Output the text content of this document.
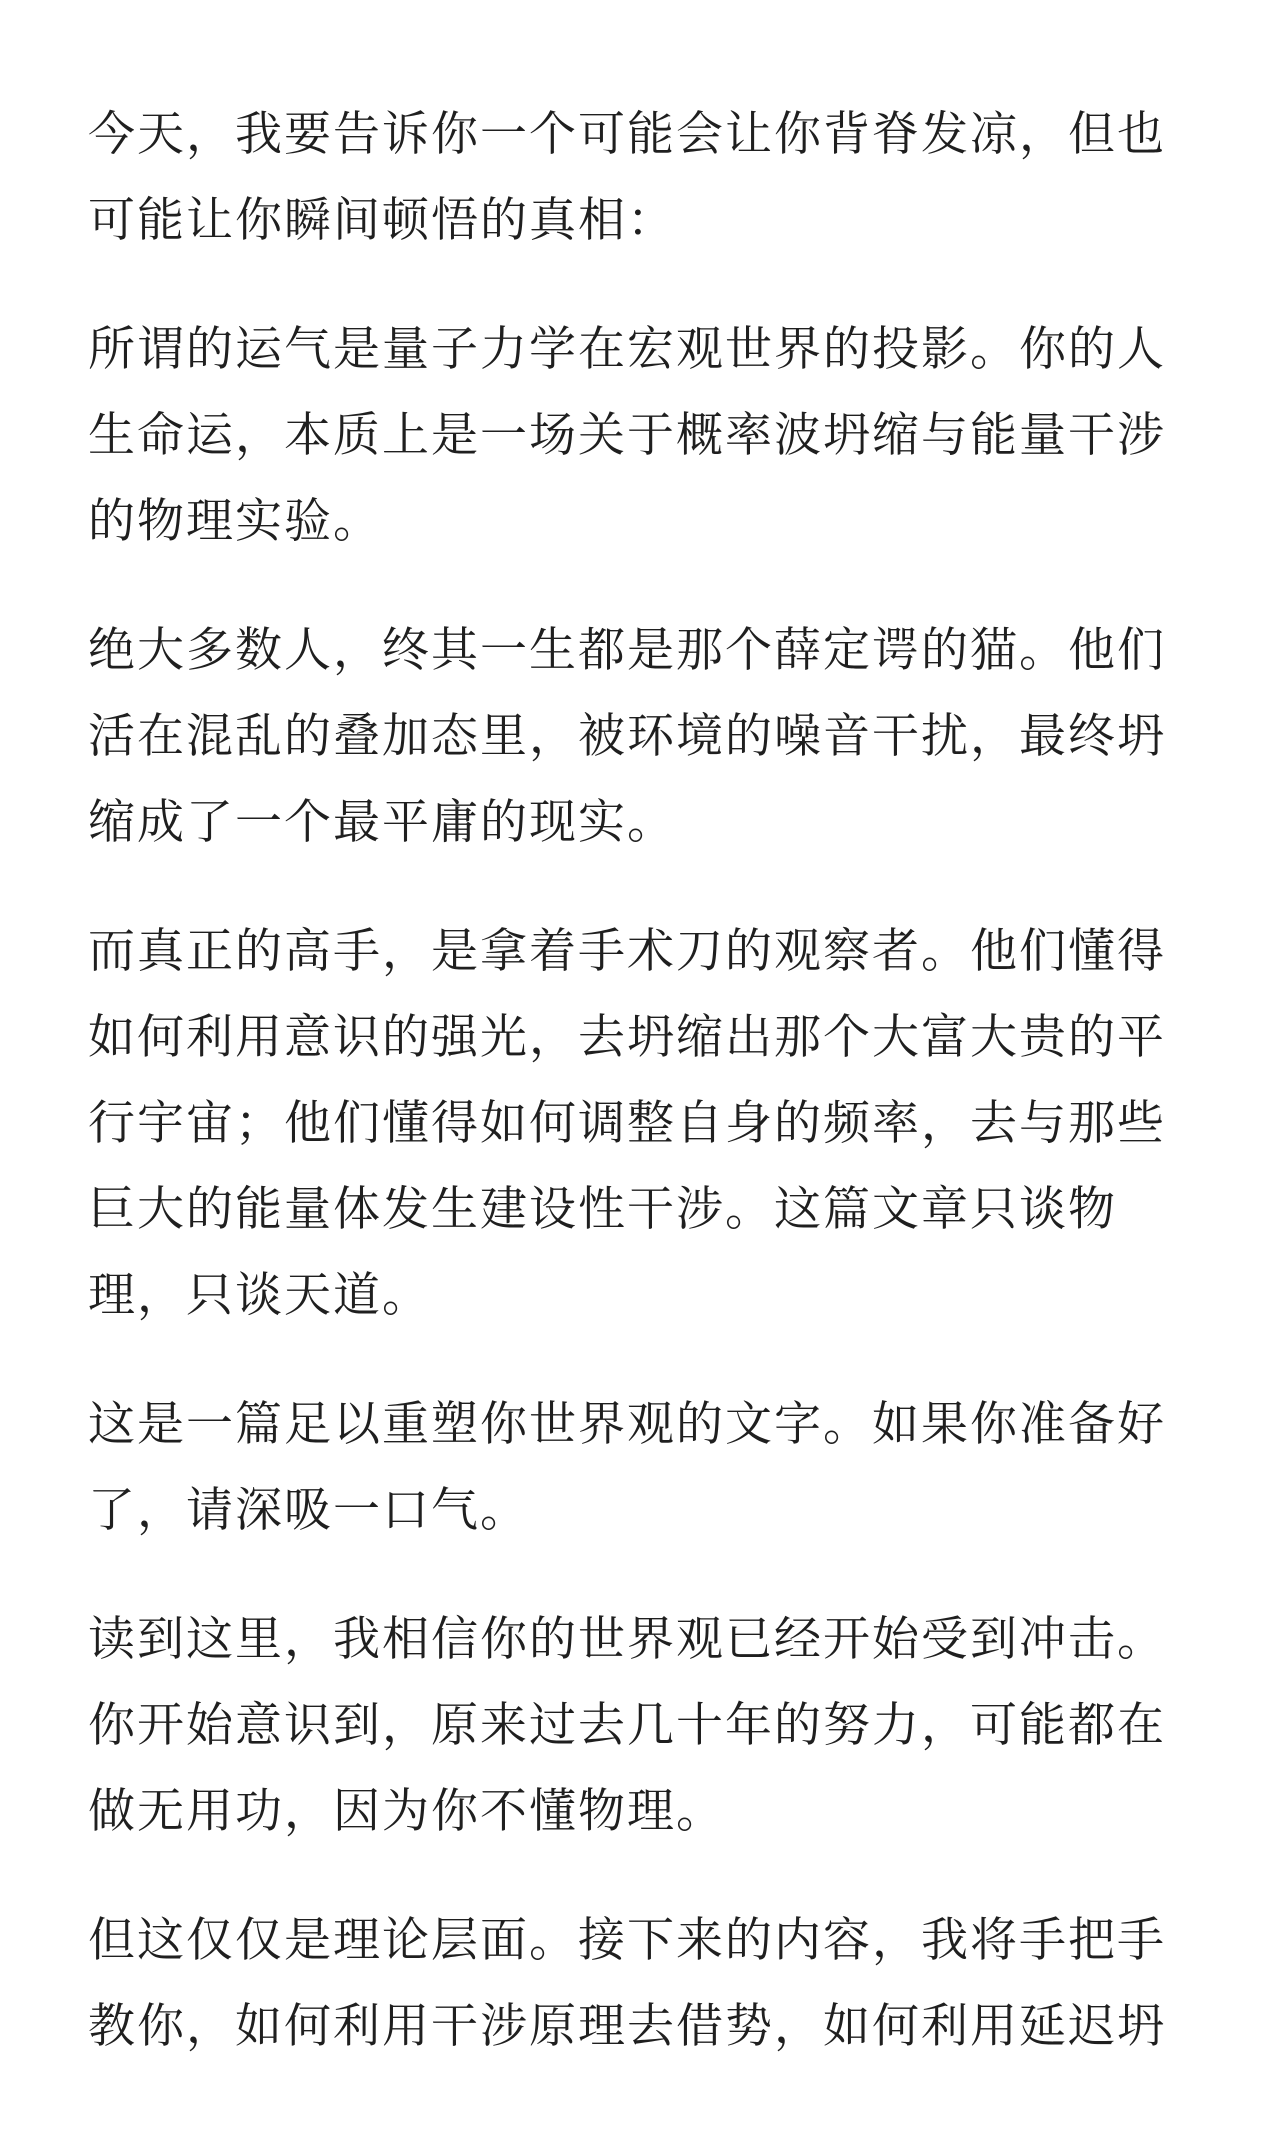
今天，我要告诉你一个可能会让你背脊发凉，但也可能让你瞬间顿悟的真相：

所谓的运气是量子力学在宏观世界的投影。你的人生命运，本质上是一场关于概率波坍缩与能量干涉的物理实验。

绝大多数人，终其一生都是那个薛定谔的猫。他们活在混乱的叠加态里，被环境的噪音干扰，最终坍缩成了一个最平庸的现实。

而真正的高手，是拿着手术刀的观察者。他们懂得如何利用意识的强光，去坍缩出那个大富大贵的平行宇宙；他们懂得如何调整自身的频率，去与那些巨大的能量体发生建设性干涉。这篇文章只谈物理，只谈天道。

这是一篇足以重塑你世界观的文字。如果你准备好了，请深吸一口气。

读到这里，我相信你的世界观已经开始受到冲击。你开始意识到，原来过去几十年的努力，可能都在做无用功，因为你不懂物理。

但这仅仅是理论层面。接下来的内容，我将手把手教你，如何利用干涉原理去借势，如何利用延迟坍
